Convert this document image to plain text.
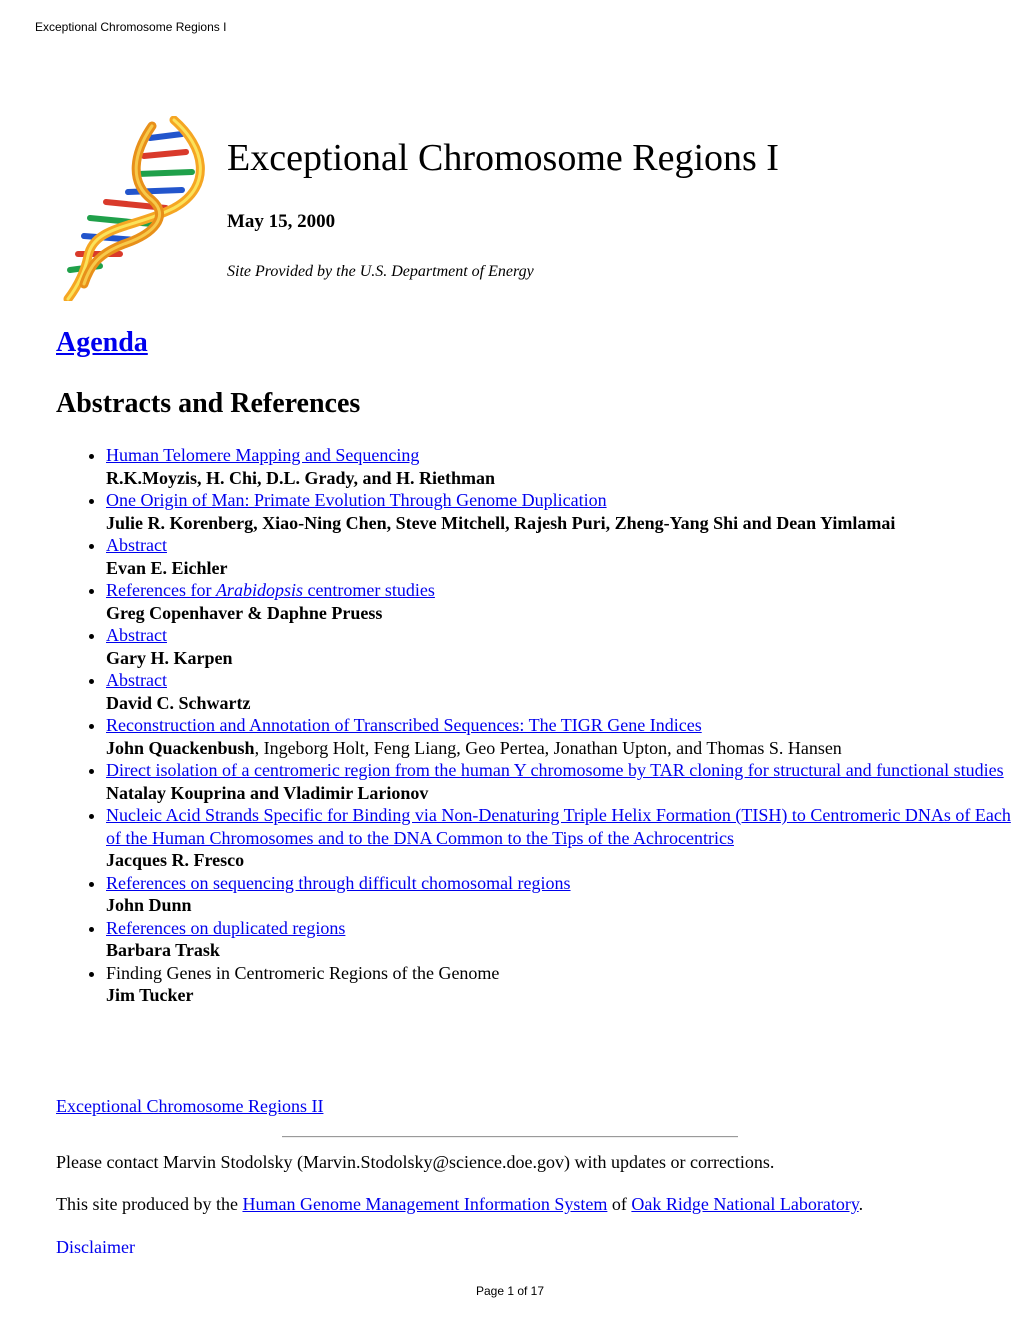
Exceptional Chromosome Regions I
Exceptional Chromosome Regions I
May 15, 2000
Site Provided by the U.S. Department of Energy
Agenda
Abstracts and References
• Human Telomere Mapping and Sequencing
R.K.Moyzis, H. Chi, D.L. Grady, and H. Riethman
• One Origin of Man: Primate Evolution Through Genome Duplication
Julie R. Korenberg, Xiao-Ning Chen, Steve Mitchell, Rajesh Puri, Zheng-Yang Shi and Dean Yimlamai
• Abstract
Evan E. Eichler
• References for Arabidopsis centromer studies
Greg Copenhaver & Daphne Pruess
• Abstract
Gary H. Karpen
• Abstract
David C. Schwartz
• Reconstruction and Annotation of Transcribed Sequences: The TIGR Gene Indices
John Quackenbush, Ingeborg Holt, Feng Liang, Geo Pertea, Jonathan Upton, and Thomas S. Hansen
• Direct isolation of a centromeric region from the human Y chromosome by TAR cloning for structural and functional studies
Natalay Kouprina and Vladimir Larionov
• Nucleic Acid Strands Specific for Binding via Non-Denaturing Triple Helix Formation (TISH) to Centromeric DNAs of Each of the Human Chromosomes and to the DNA Common to the Tips of the Achrocentrics
Jacques R. Fresco
• References on sequencing through difficult chomosomal regions
John Dunn
• References on duplicated regions
Barbara Trask
• Finding Genes in Centromeric Regions of the Genome
Jim Tucker
Exceptional Chromosome Regions II
Please contact Marvin Stodolsky (Marvin.Stodolsky@science.doe.gov) with updates or corrections.
This site produced by the Human Genome Management Information System of Oak Ridge National Laboratory.
Disclaimer
Page 1 of 17
